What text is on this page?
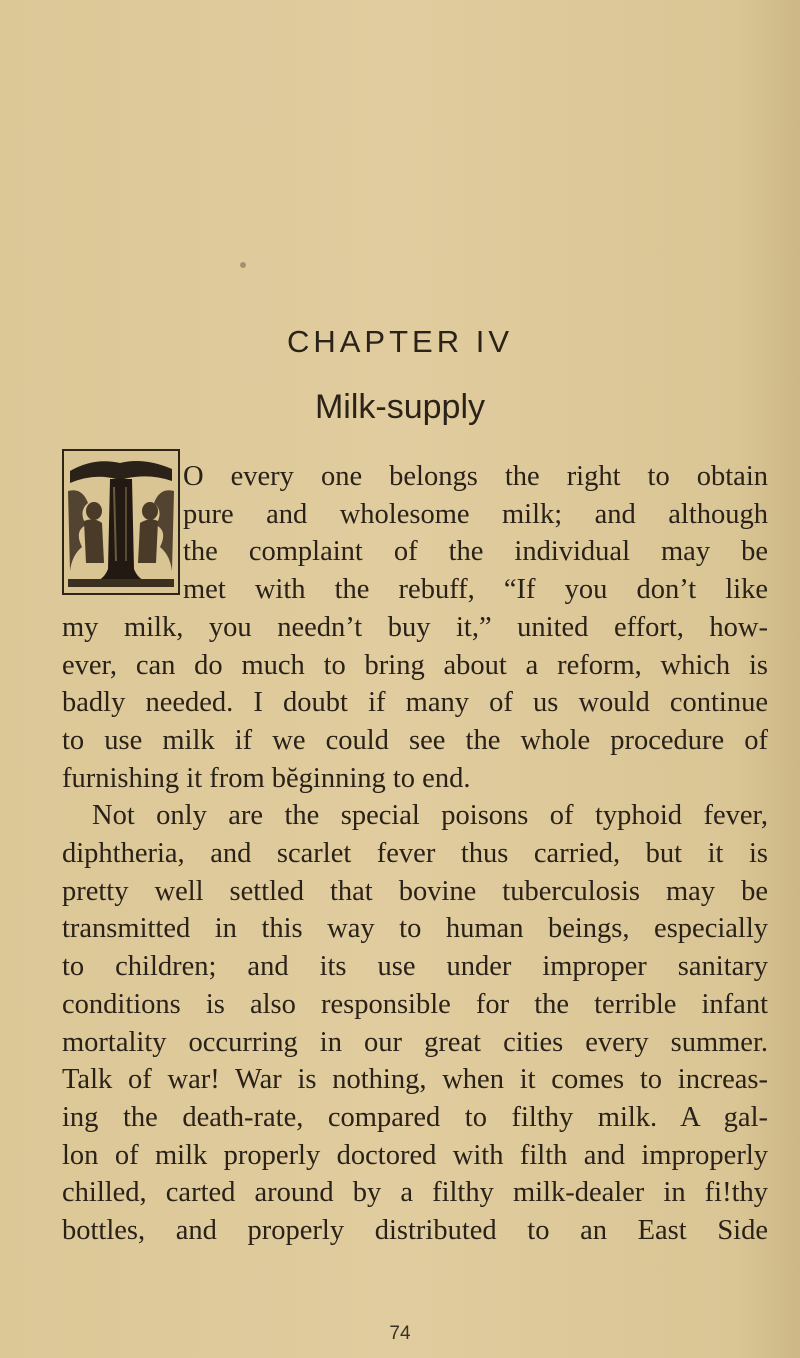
CHAPTER IV
Milk-supply
O every one belongs the right to obtain
pure and wholesome milk; and although
the complaint of the individual may be
met with the rebuff, “If you don’t like
my milk, you needn’t buy it,” united effort, how-
ever, can do much to bring about a reform, which is
badly needed. I doubt if many of us would continue
to use milk if we could see the whole procedure of
furnishing it from bĕginning to end.
Not only are the special poisons of typhoid fever,
diphtheria, and scarlet fever thus carried, but it is
pretty well settled that bovine tuberculosis may be
transmitted in this way to human beings, especially
to children; and its use under improper sanitary
conditions is also responsible for the terrible infant
mortality occurring in our great cities every summer.
Talk of war! War is nothing, when it comes to increas-
ing the death-rate, compared to filthy milk. A gal-
lon of milk properly doctored with filth and improperly
chilled, carted around by a filthy milk-dealer in fi!thy
bottles, and properly distributed to an East Side
74
